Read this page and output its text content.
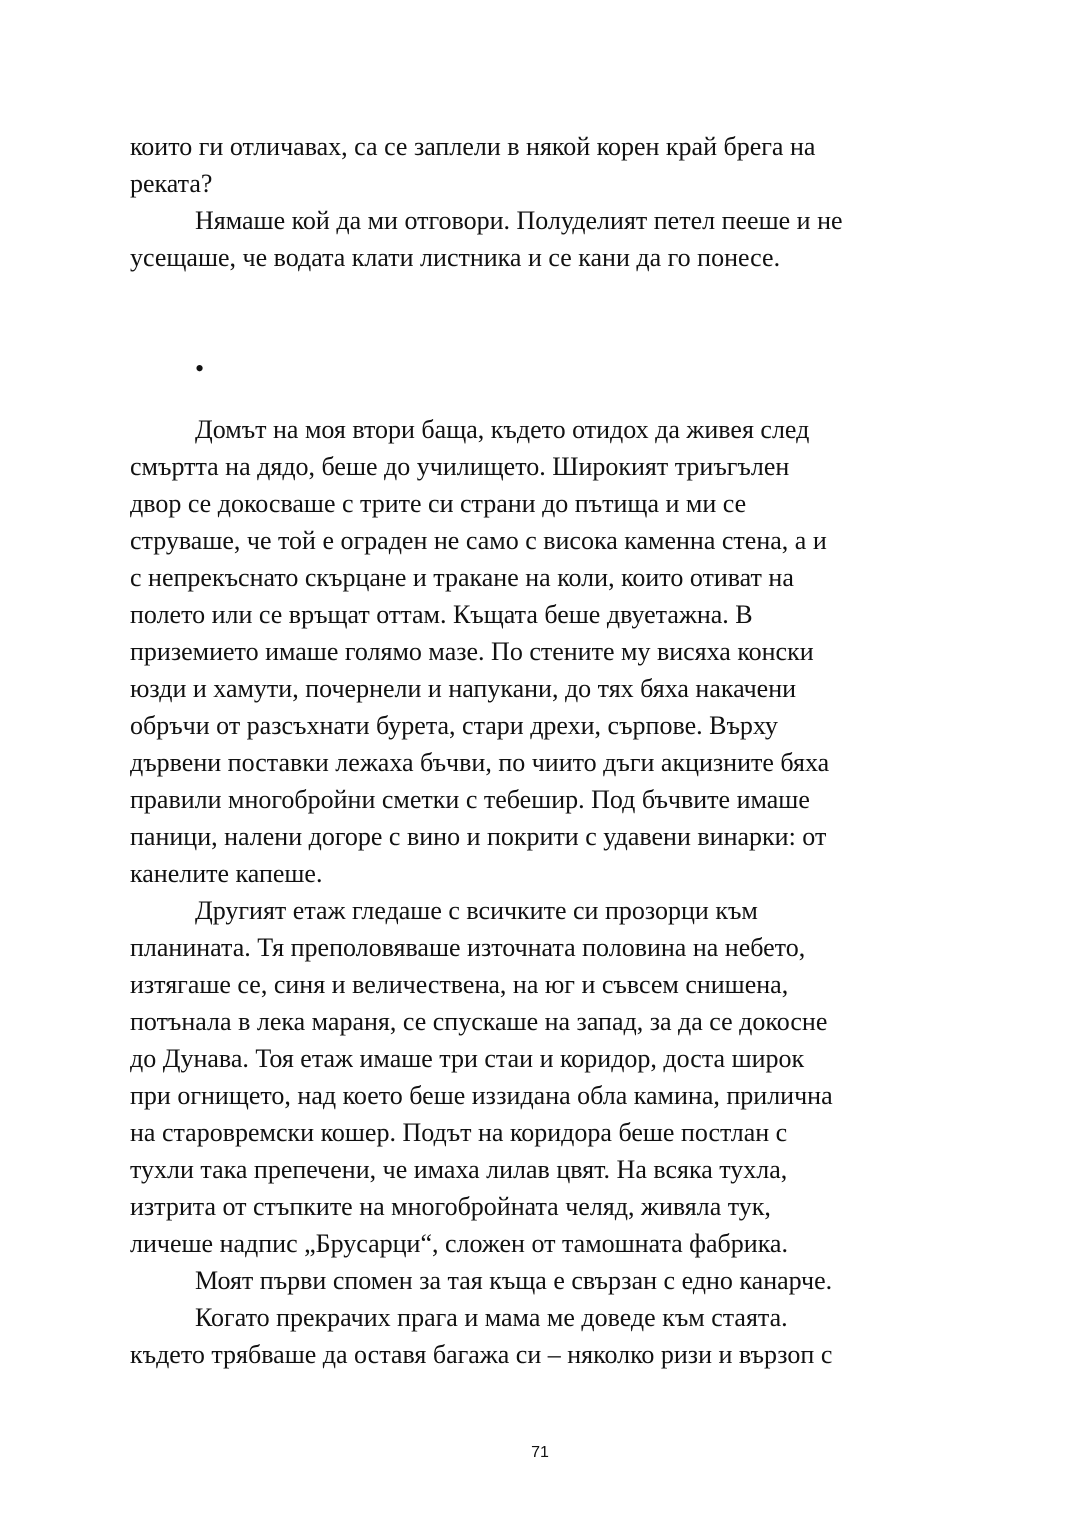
които ги отличавах, са се заплели в някой корен край брега на
реката?
Нямаше кой да ми отговори. Полуделият петел пееше и не
усещаше, че водата клати листника и се кани да го понесе.
•
Домът на моя втори баща, където отидох да живея след
смъртта на дядо, беше до училището. Широкият триъгълен
двор се докосваше с трите си страни до пътища и ми се
струваше, че той е ограден не само с висока каменна стена, а и
с непрекъснато скърцане и тракане на коли, които отиват на
полето или се връщат оттам. Къщата беше двуетажна. В
приземието имаше голямо мазе. По стените му висяха конски
юзди и хамути, почернели и напукани, до тях бяха накачени
обръчи от разсъхнати бурета, стари дрехи, сърпове. Върху
дървени поставки лежаха бъчви, по чиито дъги акцизните бяха
правили многобройни сметки с тебешир. Под бъчвите имаше
паници, налени догоре с вино и покрити с удавени винарки: от
канелите капеше.
Другият етаж гледаше с всичките си прозорци към
планината. Тя преполовяваше източната половина на небето,
изтягаше се, синя и величествена, на юг и съвсем снишена,
потънала в лека мараня, се спускаше на запад, за да се докосне
до Дунава. Тоя етаж имаше три стаи и коридор, доста широк
при огнището, над което беше иззидана обла камина, прилична
на старовремски кошер. Подът на коридора беше постлан с
тухли така препечени, че имаха лилав цвят. На всяка тухла,
изтрита от стъпките на многобройната челяд, живяла тук,
личеше надпис „Брусарци“, сложен от тамошната фабрика.
Моят първи спомен за тая къща е свързан с едно канарче.
Когато прекрачих прага и мама ме доведе към стаята.
където трябваше да оставя багажа си – няколко ризи и вързоп с
71
